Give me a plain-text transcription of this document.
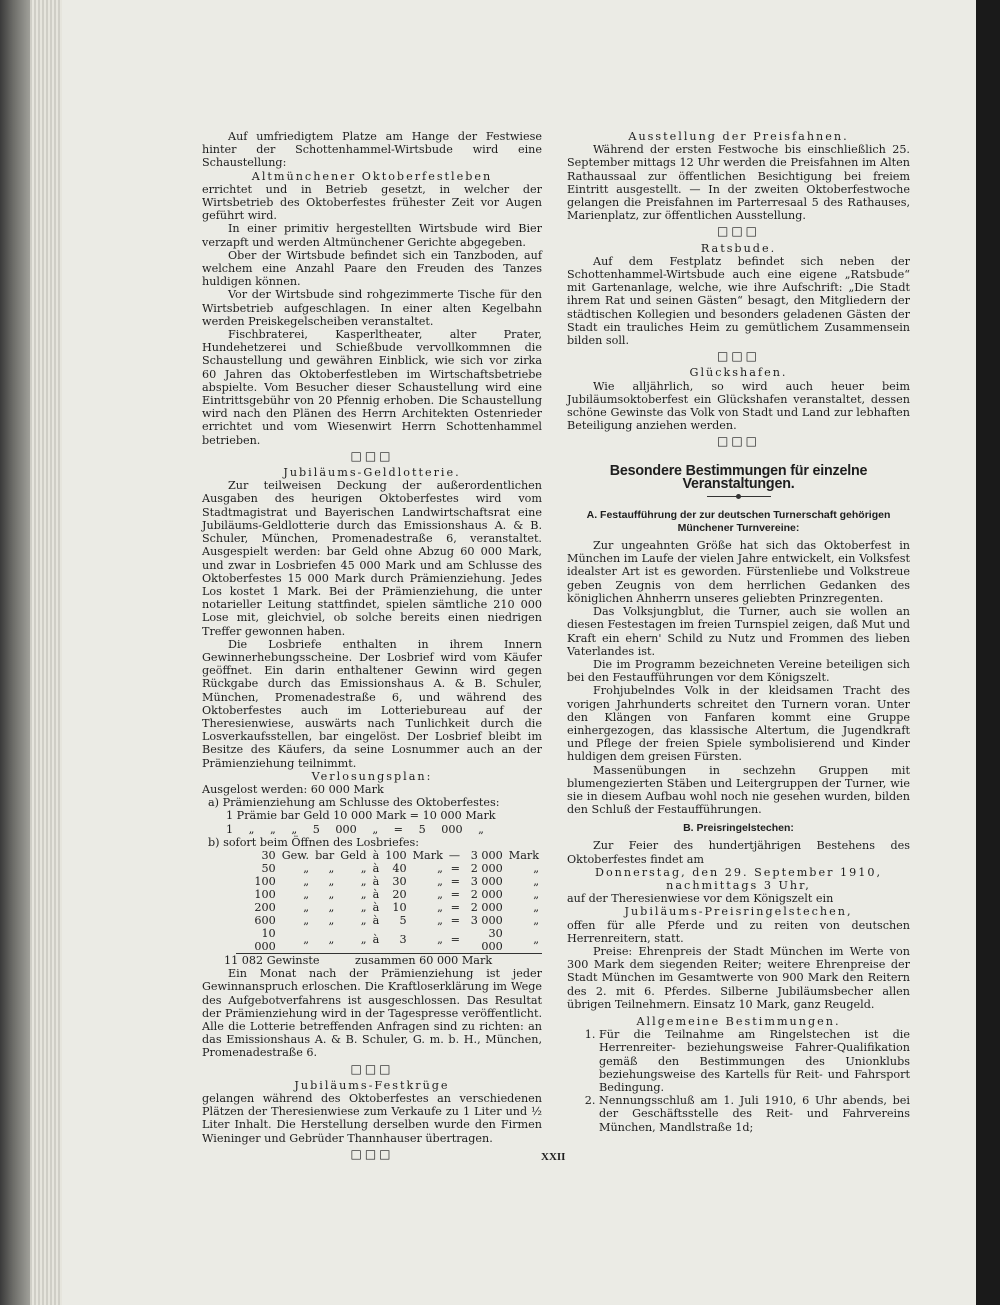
Auf umfriedigtem Platze am Hange der Festwiese hinter der Schottenhammel-Wirtsbude wird eine Schaustellung:

Altmünchener Oktoberfestleben

errichtet und in Betrieb gesetzt, in welcher der Wirtsbetrieb des Oktoberfestes frühester Zeit vor Augen geführt wird.

In einer primitiv hergestellten Wirtsbude wird Bier verzapft und werden Altmünchener Gerichte abgegeben.

Ober der Wirtsbude befindet sich ein Tanzboden, auf welchem eine Anzahl Paare den Freuden des Tanzes huldigen können.

Vor der Wirtsbude sind rohgezimmerte Tische für den Wirtsbetrieb aufgeschlagen. In einer alten Kegelbahn werden Preiskegelscheiben veranstaltet.

Fischbraterei, Kasperltheater, alter Prater, Hundehetzerei und Schießbude vervollkommnen die Schaustellung und gewähren Einblick, wie sich vor zirka 60 Jahren das Oktoberfestleben im Wirtschaftsbetriebe abspielte. Vom Besucher dieser Schaustellung wird eine Eintrittsgebühr von 20 Pfennig erhoben. Die Schaustellung wird nach den Plänen des Herrn Architekten Ostenrieder errichtet und vom Wiesenwirt Herrn Schottenhammel betrieben.

□□□

Jubiläums-Geldlotterie.

Zur teilweisen Deckung der außerordentlichen Ausgaben des heurigen Oktoberfestes wird vom Stadtmagistrat und Bayerischen Landwirtschaftsrat eine Jubiläums-Geldlotterie durch das Emissionshaus A. & B. Schuler, München, Promenadestraße 6, veranstaltet. Ausgespielt werden: bar Geld ohne Abzug 60 000 Mark, und zwar in Losbriefen 45 000 Mark und am Schlusse des Oktoberfestes 15 000 Mark durch Prämienziehung. Jedes Los kostet 1 Mark. Bei der Prämienziehung, die unter notarieller Leitung stattfindet, spielen sämtliche 210 000 Lose mit, gleichviel, ob solche bereits einen niedrigen Treffer gewonnen haben.

Die Losbriefe enthalten in ihrem Innern Gewinnerhebungsscheine. Der Losbrief wird vom Käufer geöffnet. Ein darin enthaltener Gewinn wird gegen Rückgabe durch das Emissionshaus A. & B. Schuler, München, Promenadestraße 6, und während des Oktoberfestes auch im Lotteriebureau auf der Theresienwiese, auswärts nach Tunlichkeit durch die Losverkaufsstellen, bar eingelöst. Der Losbrief bleibt im Besitze des Käufers, da seine Losnummer auch an der Prämienziehung teilnimmt.

Verlosungsplan:

Ausgelost werden: 60 000 Mark

a) Prämienziehung am Schlusse des Oktoberfestes:

1 Prämie bar Geld 10 000 Mark = 10 000 Mark

1 „ „ „ 5 000 „ = 5 000 „

b) sofort beim Öffnen des Losbriefes:

30	Gew.	bar	Geld	à	100	Mark	—	3 000	Mark
50	„	„	„	à	40	„	=	2 000	„
100	„	„	„	à	30	„	=	3 000	„
100	„	„	„	à	20	„	=	2 000	„
200	„	„	„	à	10	„	=	2 000	„
600	„	„	„	à	5	„	=	3 000	„
10 000	„	„	„	à	3	„	=	30 000	„

11 082 Gewinste          zusammen 60 000 Mark

Ein Monat nach der Prämienziehung ist jeder Gewinnanspruch erloschen. Die Kraftloserklärung im Wege des Aufgebotverfahrens ist ausgeschlossen. Das Resultat der Prämienziehung wird in der Tagespresse veröffentlicht. Alle die Lotterie betreffenden Anfragen sind zu richten: an das Emissionshaus A. & B. Schuler, G. m. b. H., München, Promenadestraße 6.

□□□

Jubiläums-Festkrüge

gelangen während des Oktoberfestes an verschiedenen Plätzen der Theresienwiese zum Verkaufe zu 1 Liter und ½ Liter Inhalt. Die Herstellung derselben wurde den Firmen Wieninger und Gebrüder Thannhauser übertragen.

□□□

Ausstellung der Preisfahnen.

Während der ersten Festwoche bis einschließlich 25. September mittags 12 Uhr werden die Preisfahnen im Alten Rathaussaal zur öffentlichen Besichtigung bei freiem Eintritt ausgestellt. — In der zweiten Oktoberfestwoche gelangen die Preisfahnen im Parterresaal 5 des Rathauses, Marienplatz, zur öffentlichen Ausstellung.

□□□

Ratsbude.

Auf dem Festplatz befindet sich neben der Schottenhammel-Wirtsbude auch eine eigene „Ratsbude“ mit Gartenanlage, welche, wie ihre Aufschrift: „Die Stadt ihrem Rat und seinen Gästen“ besagt, den Mitgliedern der städtischen Kollegien und besonders geladenen Gästen der Stadt ein trauliches Heim zu gemütlichem Zusammensein bilden soll.

□□□

Glückshafen.

Wie alljährlich, so wird auch heuer beim Jubiläumsoktoberfest ein Glückshafen veranstaltet, dessen schöne Gewinste das Volk von Stadt und Land zur lebhaften Beteiligung anziehen werden.

□□□
Besondere Bestimmungen für einzelne Veranstaltungen.
A. Festaufführung der zur deutschen Turnerschaft gehörigen Münchener Turnvereine:

Zur ungeahnten Größe hat sich das Oktoberfest in München im Laufe der vielen Jahre entwickelt, ein Volksfest idealster Art ist es geworden. Fürstenliebe und Volkstreue geben Zeugnis von dem herrlichen Gedanken des königlichen Ahnherrn unseres geliebten Prinzregenten.

Das Volksjungblut, die Turner, auch sie wollen an diesen Festestagen im freien Turnspiel zeigen, daß Mut und Kraft ein ehern' Schild zu Nutz und Frommen des lieben Vaterlandes ist.

Die im Programm bezeichneten Vereine beteiligen sich bei den Festaufführungen vor dem Königszelt.

Frohjubelndes Volk in der kleidsamen Tracht des vorigen Jahrhunderts schreitet den Turnern voran. Unter den Klängen von Fanfaren kommt eine Gruppe einhergezogen, das klassische Altertum, die Jugendkraft und Pflege der freien Spiele symbolisierend und Kinder huldigen dem greisen Fürsten.

Massenübungen in sechzehn Gruppen mit blumengezierten Stäben und Leitergruppen der Turner, wie sie in diesem Aufbau wohl noch nie gesehen wurden, bilden den Schluß der Festaufführungen.

B. Preisringelstechen:

Zur Feier des hundertjährigen Bestehens des Oktoberfestes findet am

Donnerstag, den 29. September 1910,

nachmittags 3 Uhr,

auf der Theresienwiese vor dem Königszelt ein

Jubiläums-Preisringelstechen,

offen für alle Pferde und zu reiten von deutschen Herrenreitern, statt.

Preise: Ehrenpreis der Stadt München im Werte von 300 Mark dem siegenden Reiter; weitere Ehrenpreise der Stadt München im Gesamtwerte von 900 Mark den Reitern des 2. mit 6. Pferdes. Silberne Jubiläumsbecher allen übrigen Teilnehmern. Einsatz 10 Mark, ganz Reugeld.

Allgemeine Bestimmungen.

1. Für die Teilnahme am Ringelstechen ist die Herrenreiter- beziehungsweise Fahrer-Qualifikation gemäß den Bestimmungen des Unionklubs beziehungsweise des Kartells für Reit- und Fahrsport Bedingung.
2. Nennungsschluß am 1. Juli 1910, 6 Uhr abends, bei der Geschäftsstelle des Reit- und Fahrvereins München, Mandlstraße 1d;
XXII
